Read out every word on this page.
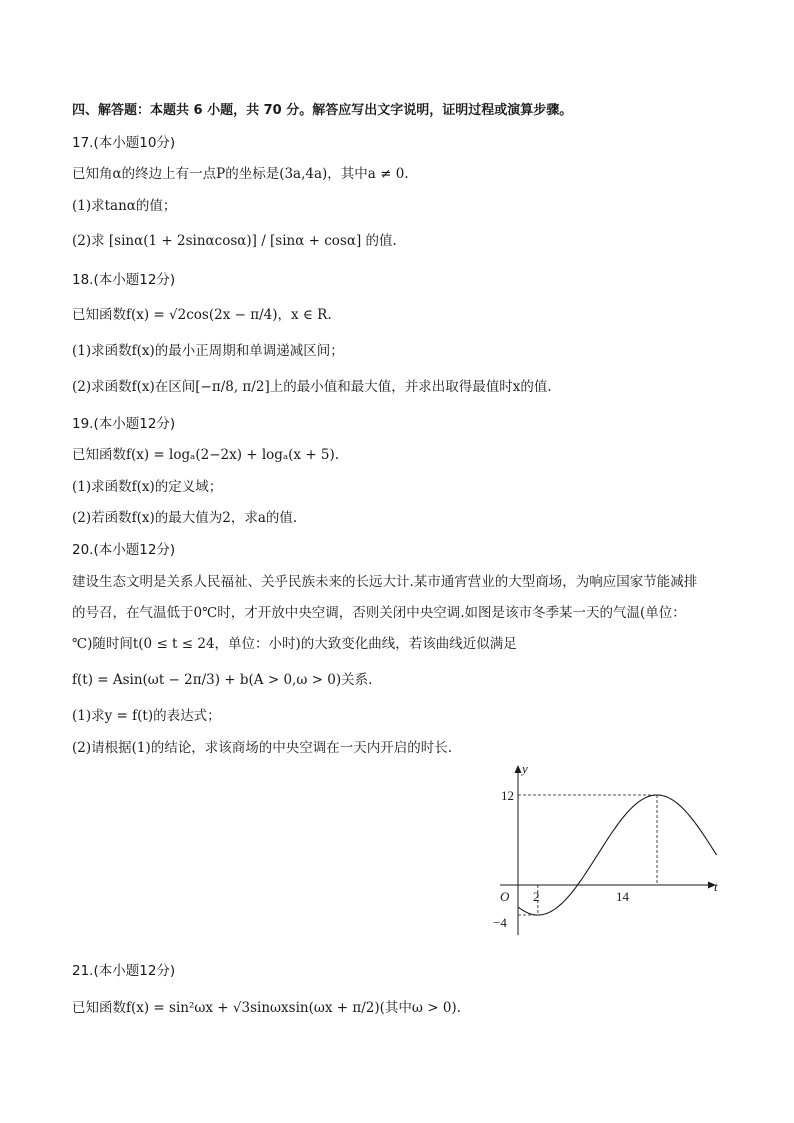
四、解答题：本题共 6 小题，共 70 分。解答应写出文字说明，证明过程或演算步骤。
17.(本小题10分)
已知角α的终边上有一点P的坐标是(3a,4a)，其中a ≠ 0.
(1)求tanα的值；
(2)求 [sinα(1 + 2sinαcosα)] / [sinα + cosα] 的值.
18.(本小题12分)
已知函数f(x) = √2cos(2x − π/4)，x ∈ R.
(1)求函数f(x)的最小正周期和单调递减区间；
(2)求函数f(x)在区间[−π/8, π/2]上的最小值和最大值，并求出取得最值时x的值.
19.(本小题12分)
已知函数f(x) = logₐ(2−2x) + logₐ(x + 5).
(1)求函数f(x)的定义域；
(2)若函数f(x)的最大值为2，求a的值.
20.(本小题12分)
建设生态文明是关系人民福祉、关乎民族未来的长远大计.某市通宵营业的大型商场，为响应国家节能减排
的号召，在气温低于0℃时，才开放中央空调，否则关闭中央空调.如图是该市冬季某一天的气温(单位：
℃)随时间t(0 ≤ t ≤ 24，单位：小时)的大致变化曲线，若该曲线近似满足
f(t) = Asin(ωt − 2π/3) + b(A > 0,ω > 0)关系.
(1)求y = f(t)的表达式；
(2)请根据(1)的结论，求该商场的中央空调在一天内开启的时长.
y
t
O
12
−4
2	14
21.(本小题12分)
已知函数f(x) = sin²ωx + √3sinωxsin(ωx + π/2)(其中ω > 0).
